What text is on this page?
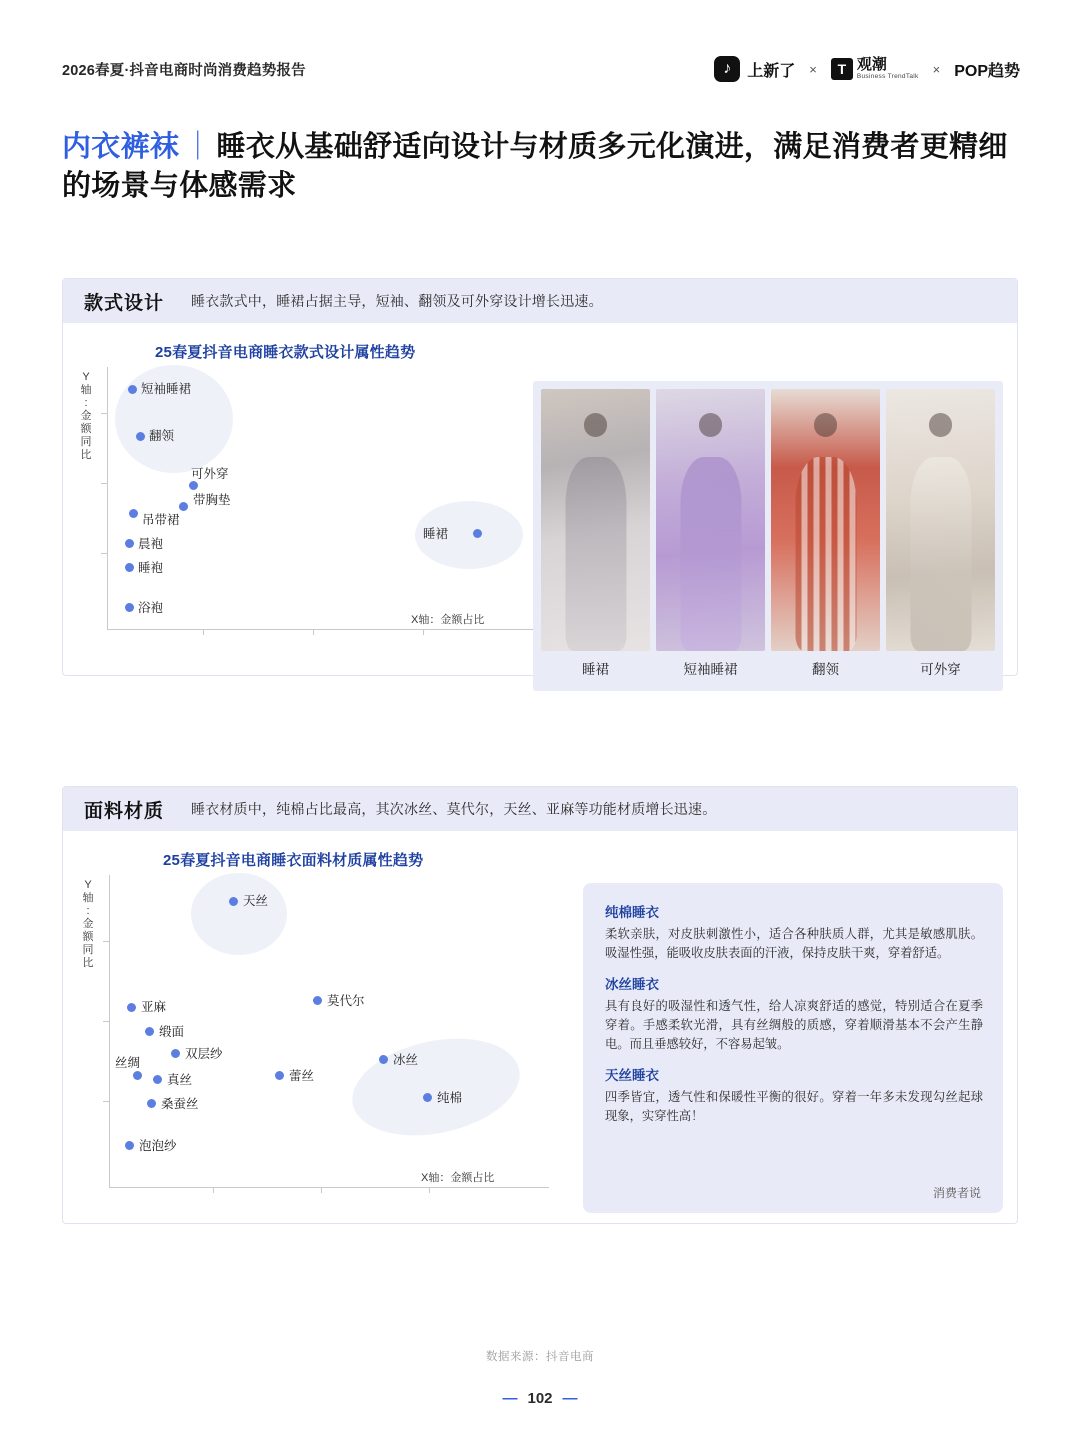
2026春夏·抖音电商时尚消费趋势报告	♪	上新了 ×	T 观潮
Business TrendTalk
× POP趋势
内衣裤袜 ｜ 睡衣从基础舒适向设计与材质多元化演进，满足消费者更精细的场景与体感需求
款式设计	睡衣款式中，睡裙占据主导，短袖、翻领及可外穿设计增长迅速。
25春夏抖音电商睡衣款式设计属性趋势
Y
轴
:
金
额
同
比
X轴：金额占比
短袖睡裙
翻领
可外穿
带胸垫
吊带裙
晨袍
睡袍
浴袍
睡裙
睡裙	短袖睡裙	翻领	可外穿
面料材质	睡衣材质中，纯棉占比最高，其次冰丝、莫代尔，天丝、亚麻等功能材质增长迅速。
25春夏抖音电商睡衣面料材质属性趋势
Y
轴
:
金
额
同
比
X轴：金额占比
天丝
莫代尔
亚麻
缎面
双层纱
丝绸
真丝	蕾丝
冰丝
桑蚕丝	纯棉
泡泡纱
纯棉睡衣
柔软亲肤，对皮肤刺激性小，适合各种肤质人群，尤其是敏感肌肤。吸湿性强，能吸收皮肤表面的汗液，保持皮肤干爽，穿着舒适。
冰丝睡衣
具有良好的吸湿性和透气性，给人凉爽舒适的感觉，特别适合在夏季穿着。手感柔软光滑，具有丝绸般的质感，穿着顺滑基本不会产生静电。而且垂感较好，不容易起皱。
天丝睡衣
四季皆宜，透气性和保暖性平衡的很好。穿着一年多未发现勾丝起球现象，实穿性高！
消费者说
数据来源：抖音电商
— 102 —
